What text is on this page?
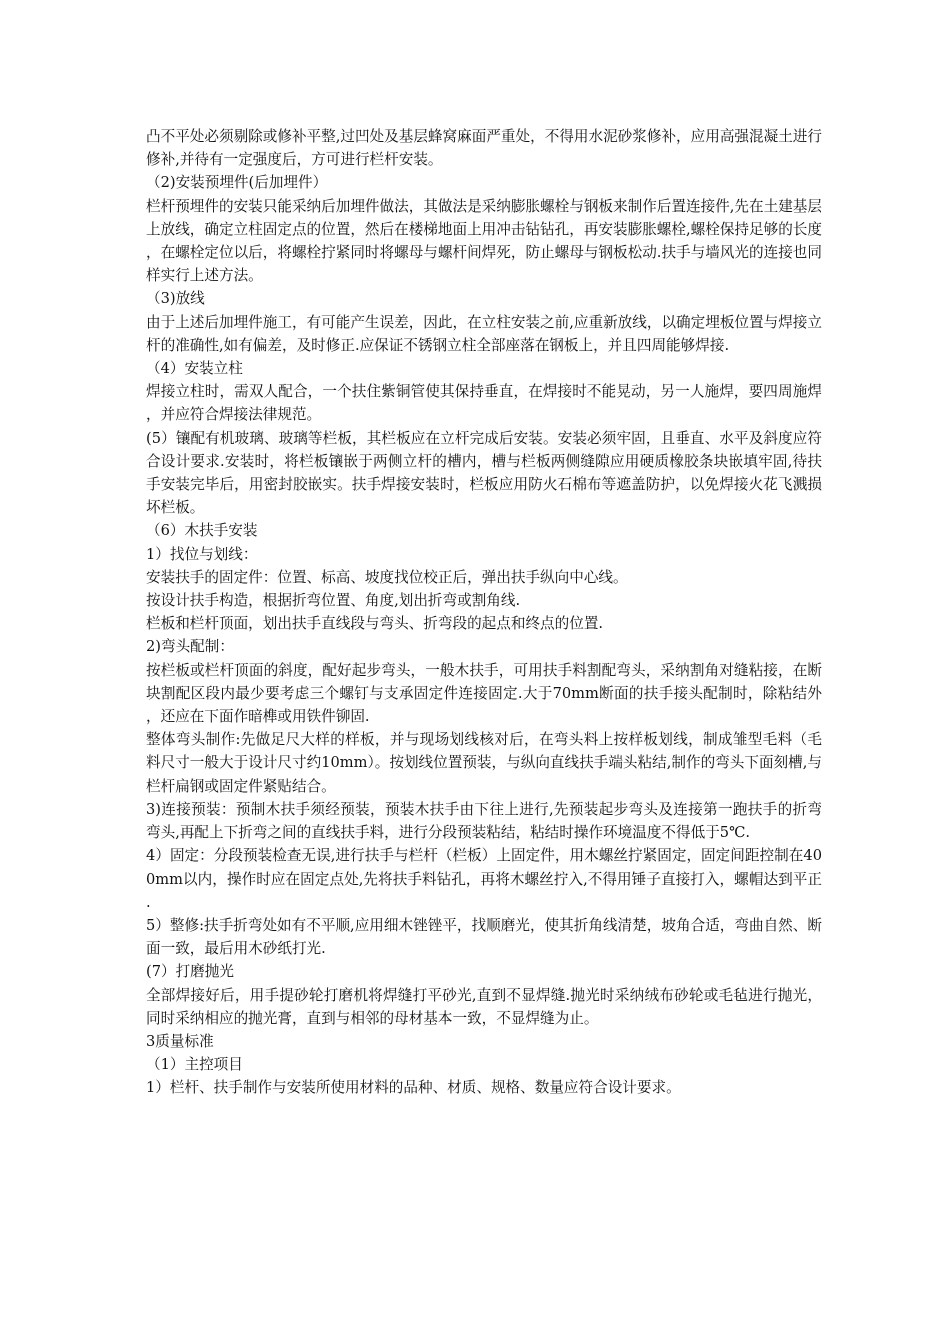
凸不平处必须剔除或修补平整,过凹处及基层蜂窝麻面严重处，不得用水泥砂浆修补，应用高强混凝土进行修补,并待有一定强度后，方可进行栏杆安装。

（2)安装预埋件(后加埋件）

栏杆预埋件的安装只能采纳后加埋件做法，其做法是采纳膨胀螺栓与钢板来制作后置连接件,先在土建基层上放线，确定立柱固定点的位置，然后在楼梯地面上用冲击钻钻孔，再安装膨胀螺栓,螺栓保持足够的长度，在螺栓定位以后，将螺栓拧紧同时将螺母与螺杆间焊死，防止螺母与钢板松动.扶手与墙风光的连接也同样实行上述方法。

（3)放线

由于上述后加埋件施工，有可能产生误差，因此，在立柱安装之前,应重新放线，以确定埋板位置与焊接立杆的准确性,如有偏差，及时修正.应保证不锈钢立柱全部座落在钢板上，并且四周能够焊接.

（4）安装立柱

焊接立柱时，需双人配合，一个扶住紫铜管使其保持垂直，在焊接时不能晃动，另一人施焊，要四周施焊，并应符合焊接法律规范。

(5）镶配有机玻璃、玻璃等栏板，其栏板应在立杆完成后安装。安装必须牢固，且垂直、水平及斜度应符合设计要求.安装时，将栏板镶嵌于两侧立杆的槽内，槽与栏板两侧缝隙应用硬质橡胶条块嵌填牢固,待扶手安装完毕后，用密封胶嵌实。扶手焊接安装时，栏板应用防火石棉布等遮盖防护，以免焊接火花飞溅损坏栏板。

（6）木扶手安装

1）找位与划线：

安装扶手的固定件：位置、标高、坡度找位校正后，弹出扶手纵向中心线。

按设计扶手构造，根据折弯位置、角度,划出折弯或割角线.

栏板和栏杆顶面，划出扶手直线段与弯头、折弯段的起点和终点的位置.

2)弯头配制：

按栏板或栏杆顶面的斜度，配好起步弯头，一般木扶手，可用扶手料割配弯头，采纳割角对缝粘接，在断块割配区段内最少要考虑三个螺钉与支承固定件连接固定.大于70mm断面的扶手接头配制时，除粘结外，还应在下面作暗榫或用铁件铆固.

整体弯头制作:先做足尺大样的样板，并与现场划线核对后，在弯头料上按样板划线，制成雏型毛料（毛料尺寸一般大于设计尺寸约10mm）。按划线位置预装，与纵向直线扶手端头粘结,制作的弯头下面刻槽,与栏杆扁钢或固定件紧贴结合。

3)连接预装：预制木扶手须经预装，预装木扶手由下往上进行,先预装起步弯头及连接第一跑扶手的折弯弯头,再配上下折弯之间的直线扶手料，进行分段预装粘结，粘结时操作环境温度不得低于5℃.

4）固定：分段预装检查无误,进行扶手与栏杆（栏板）上固定件，用木螺丝拧紧固定，固定间距控制在400mm以内，操作时应在固定点处,先将扶手料钻孔，再将木螺丝拧入,不得用锤子直接打入，螺帽达到平正.

5）整修:扶手折弯处如有不平顺,应用细木锉锉平，找顺磨光，使其折角线清楚，坡角合适，弯曲自然、断面一致，最后用木砂纸打光.

(7）打磨抛光

全部焊接好后，用手提砂轮打磨机将焊缝打平砂光,直到不显焊缝.抛光时采纳绒布砂轮或毛毡进行抛光，同时采纳相应的抛光膏，直到与相邻的母材基本一致，不显焊缝为止。

3质量标准

（1）主控项目

1）栏杆、扶手制作与安装所使用材料的品种、材质、规格、数量应符合设计要求。
